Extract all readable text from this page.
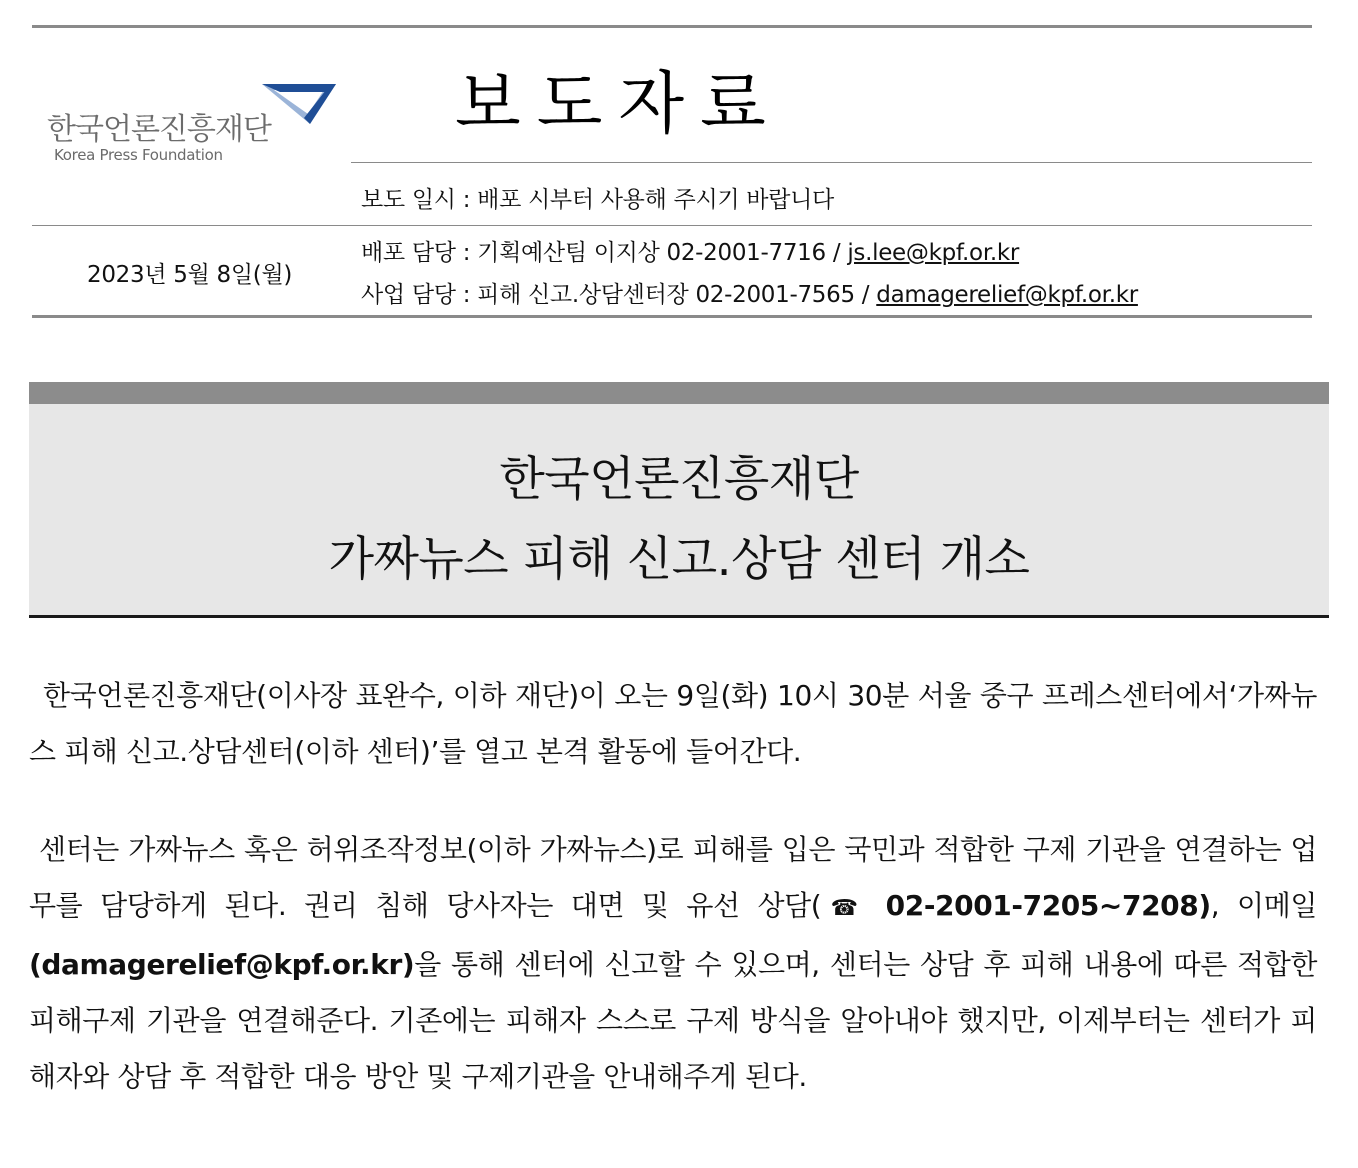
한국언론진흥재단
Korea Press Foundation
보도자료
보도 일시 : 배포 시부터 사용해 주시기 바랍니다
2023년 5월 8일(월)
배포 담당 : 기획예산팀 이지상 02-2001-7716 / js.lee@kpf.or.kr
사업 담당 : 피해 신고.상담센터장 02-2001-7565 / damagerelief@kpf.or.kr
한국언론진흥재단
가짜뉴스 피해 신고.상담 센터 개소
한국언론진흥재단(이사장 표완수, 이하 재단)이 오는 9일(화) 10시 30분 서울 중구 프레스센터에서‘가짜뉴스 피해 신고.상담센터(이하 센터)’를 열고 본격 활동에 들어간다.
센터는 가짜뉴스 혹은 허위조작정보(이하 가짜뉴스)로 피해를 입은 국민과 적합한 구제 기관을 연결하는 업무를 담당하게 된다. 권리 침해 당사자는 대면 및 유선 상담(☎ 02-2001-7205~7208), 이메일(damagerelief@kpf.or.kr)을 통해 센터에 신고할 수 있으며, 센터는 상담 후 피해 내용에 따른 적합한 피해구제 기관을 연결해준다. 기존에는 피해자 스스로 구제 방식을 알아내야 했지만, 이제부터는 센터가 피해자와 상담 후 적합한 대응 방안 및 구제기관을 안내해주게 된다.
